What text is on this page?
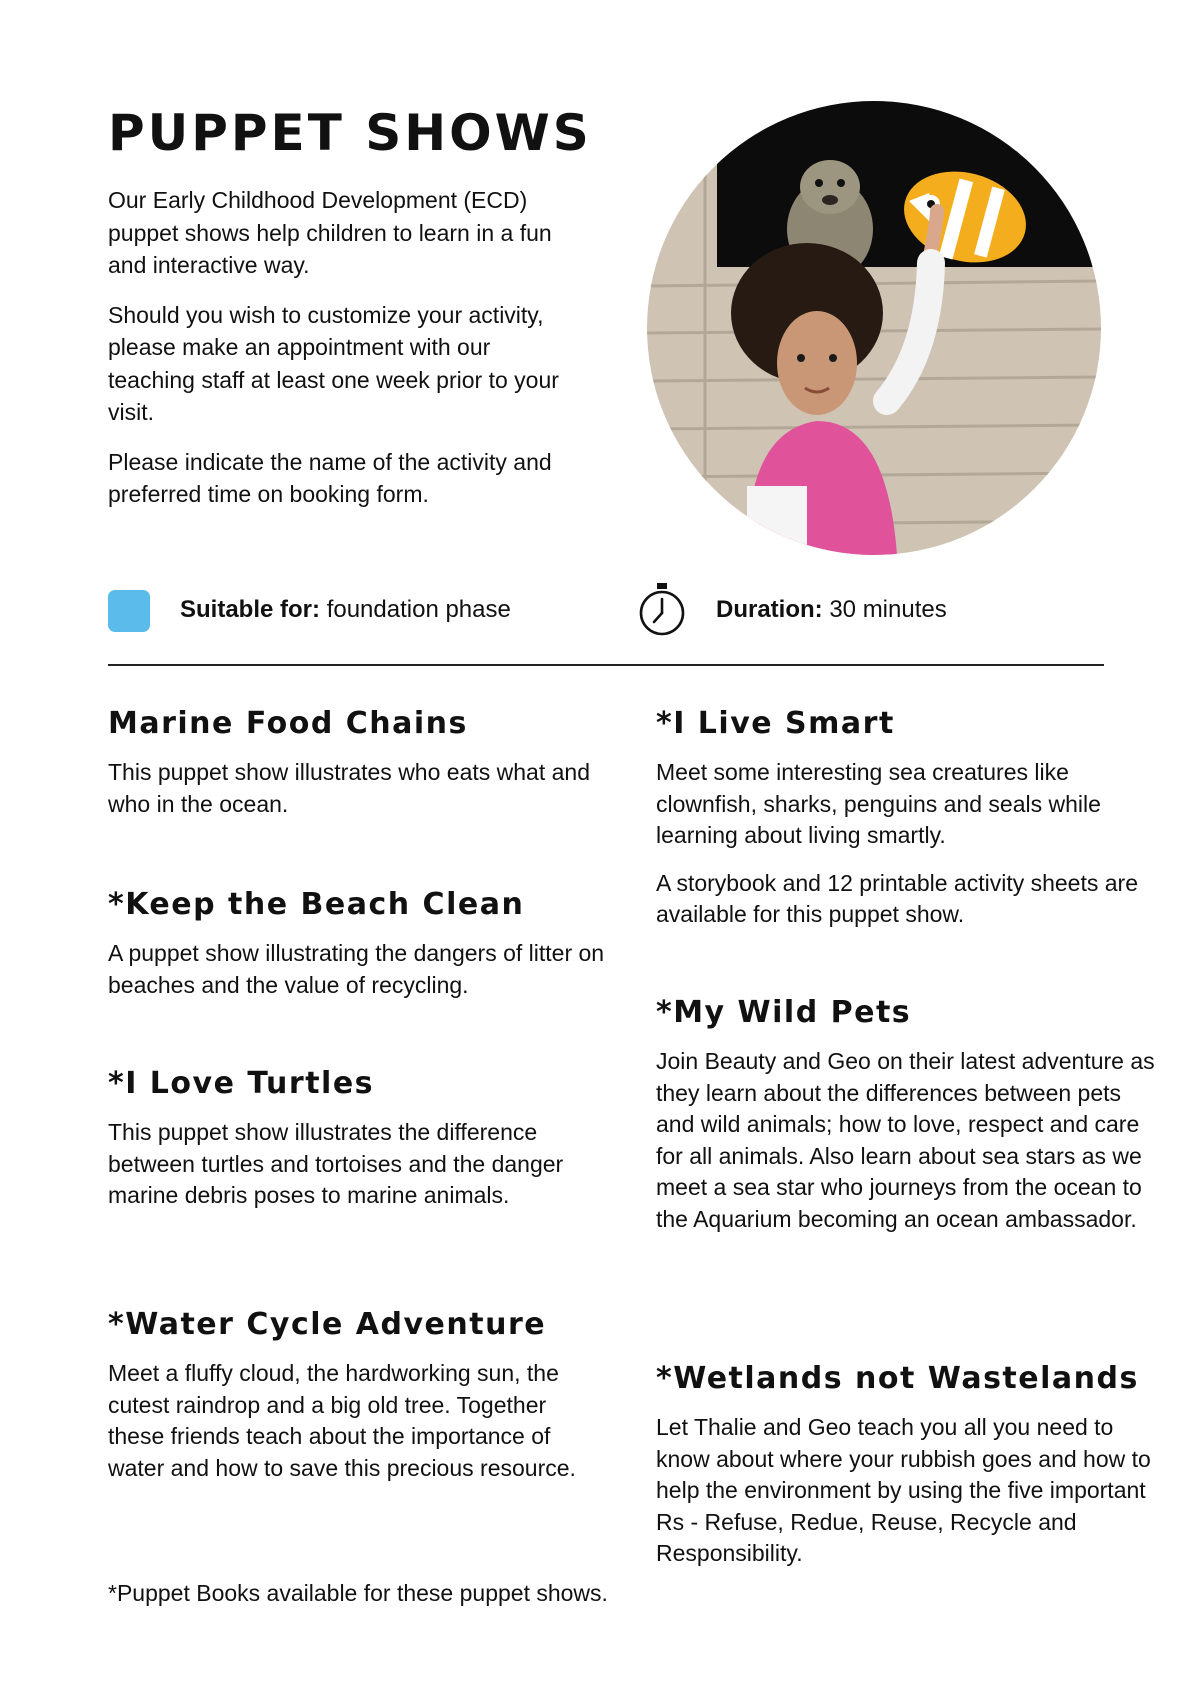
PUPPET SHOWS

Our Early Childhood Development (ECD) puppet shows help children to learn in a fun and interactive way.

Should you wish to customize your activity, please make an appointment with our teaching staff at least one week prior to your visit.

Please indicate the name of the activity and preferred time on booking form.

Suitable for: foundation phase	Duration: 30 minutes
Marine Food Chains

This puppet show illustrates who eats what and who in the ocean.

*Keep the Beach Clean

A puppet show illustrating the dangers of litter on beaches and the value of recycling.

*I Love Turtles

This puppet show illustrates the difference between turtles and tortoises and the danger marine debris poses to marine animals.

*Water Cycle Adventure

Meet a fluffy cloud, the hardworking sun, the cutest raindrop and a big old tree. Together these friends teach about the importance of water and how to save this precious resource.

*I Live Smart

Meet some interesting sea creatures like clownfish, sharks, penguins and seals while learning about living smartly.

A storybook and 12 printable activity sheets are available for this puppet show.

*My Wild Pets

Join Beauty and Geo on their latest adventure as they learn about the differences between pets and wild animals; how to love, respect and care for all animals. Also learn about sea stars as we meet a sea star who journeys from the ocean to the Aquarium becoming an ocean ambassador.

*Wetlands not Wastelands

Let Thalie and Geo teach you all you need to know about where your rubbish goes and how to help the environment by using the five important Rs - Refuse, Redue, Reuse, Recycle and Responsibility.

*Puppet Books available for these puppet shows.
